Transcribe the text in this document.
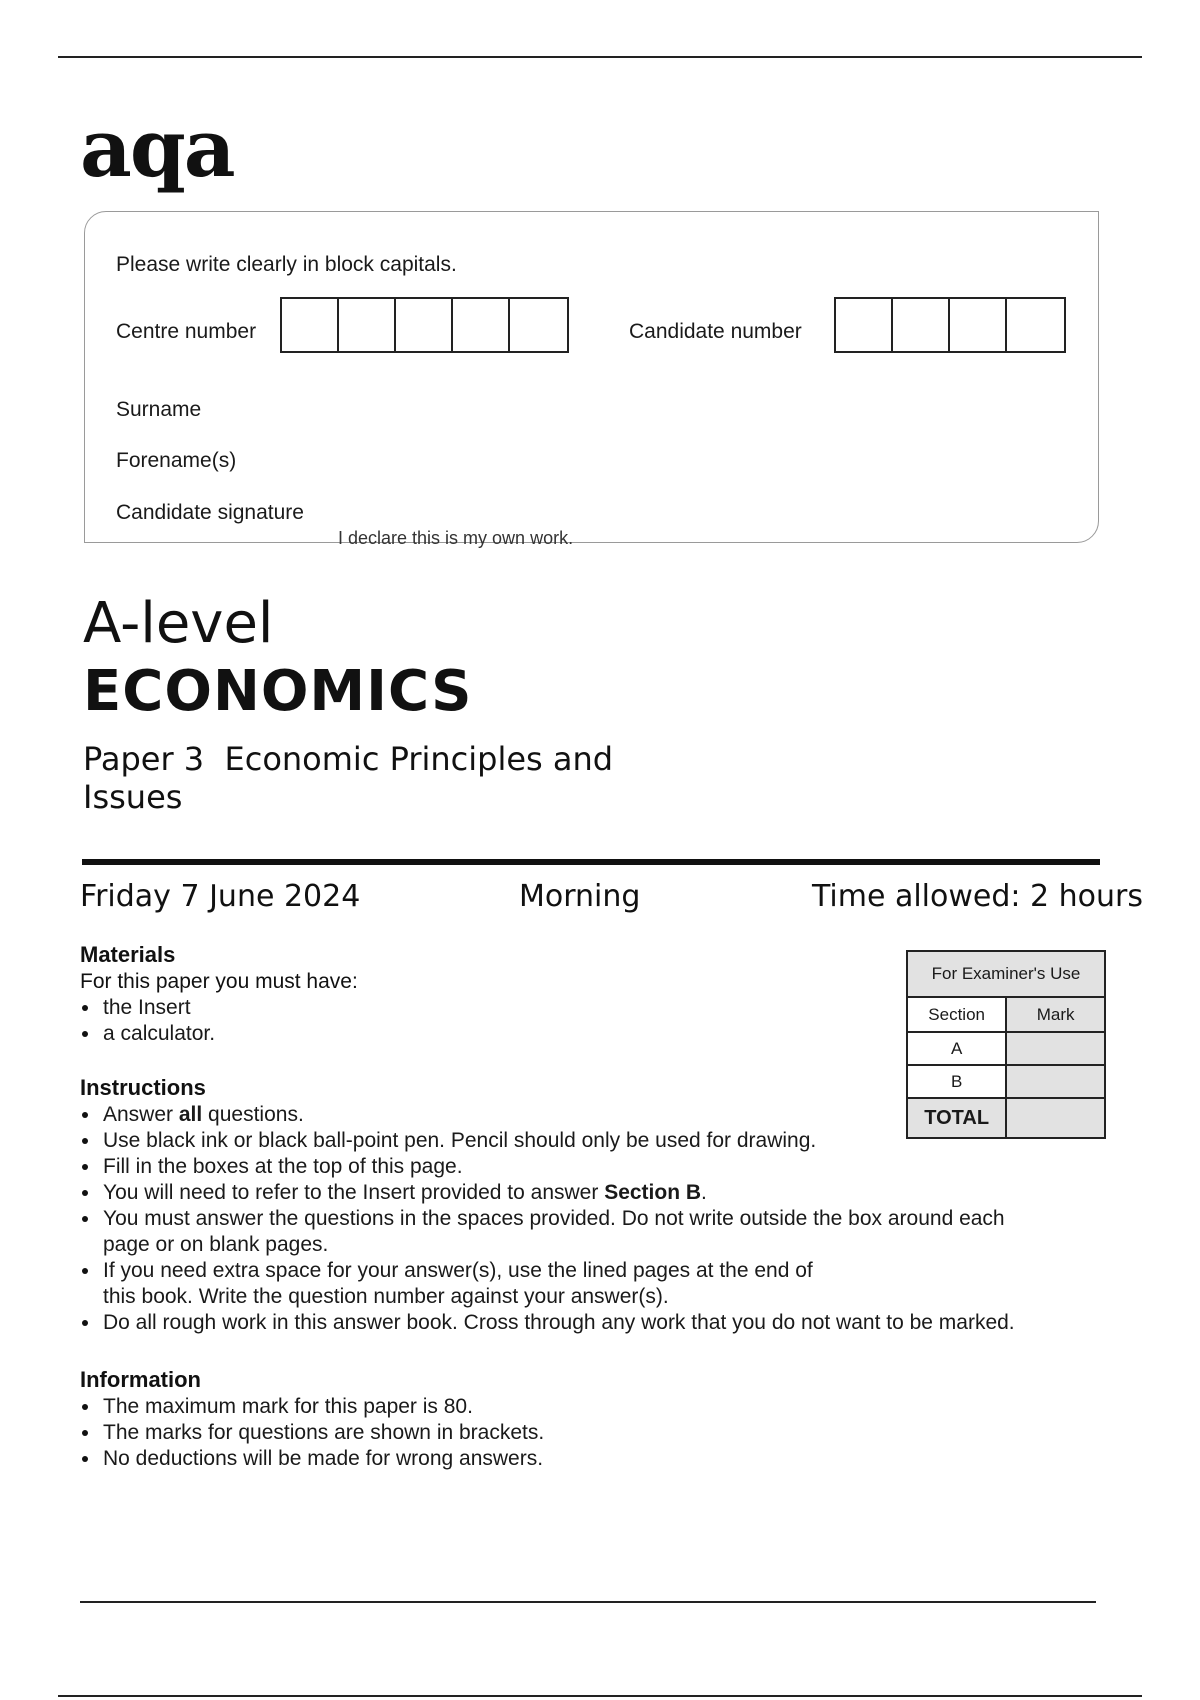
aqa
Please write clearly in block capitals.
Centre number	Candidate number
Surname
Forename(s)
Candidate signature
I declare this is my own work.
A-level
ECONOMICS
Paper 3  Economic Principles and
Issues
Friday 7 June 2024	Morning	Time allowed: 2 hours
Materials
For this paper you must have:
the Insert
a calculator.
Instructions
Answer all questions.
Use black ink or black ball-point pen. Pencil should only be used for drawing.
Fill in the boxes at the top of this page.
You will need to refer to the Insert provided to answer Section B.
You must answer the questions in the spaces provided. Do not write outside the box around each
page or on blank pages.
If you need extra space for your answer(s), use the lined pages at the end of
this book. Write the question number against your answer(s).
Do all rough work in this answer book. Cross through any work that you do not want to be marked.
Information
The maximum mark for this paper is 80.
The marks for questions are shown in brackets.
No deductions will be made for wrong answers.
For Examiner's Use	
Section	Mark
A	
B	
TOTAL	
